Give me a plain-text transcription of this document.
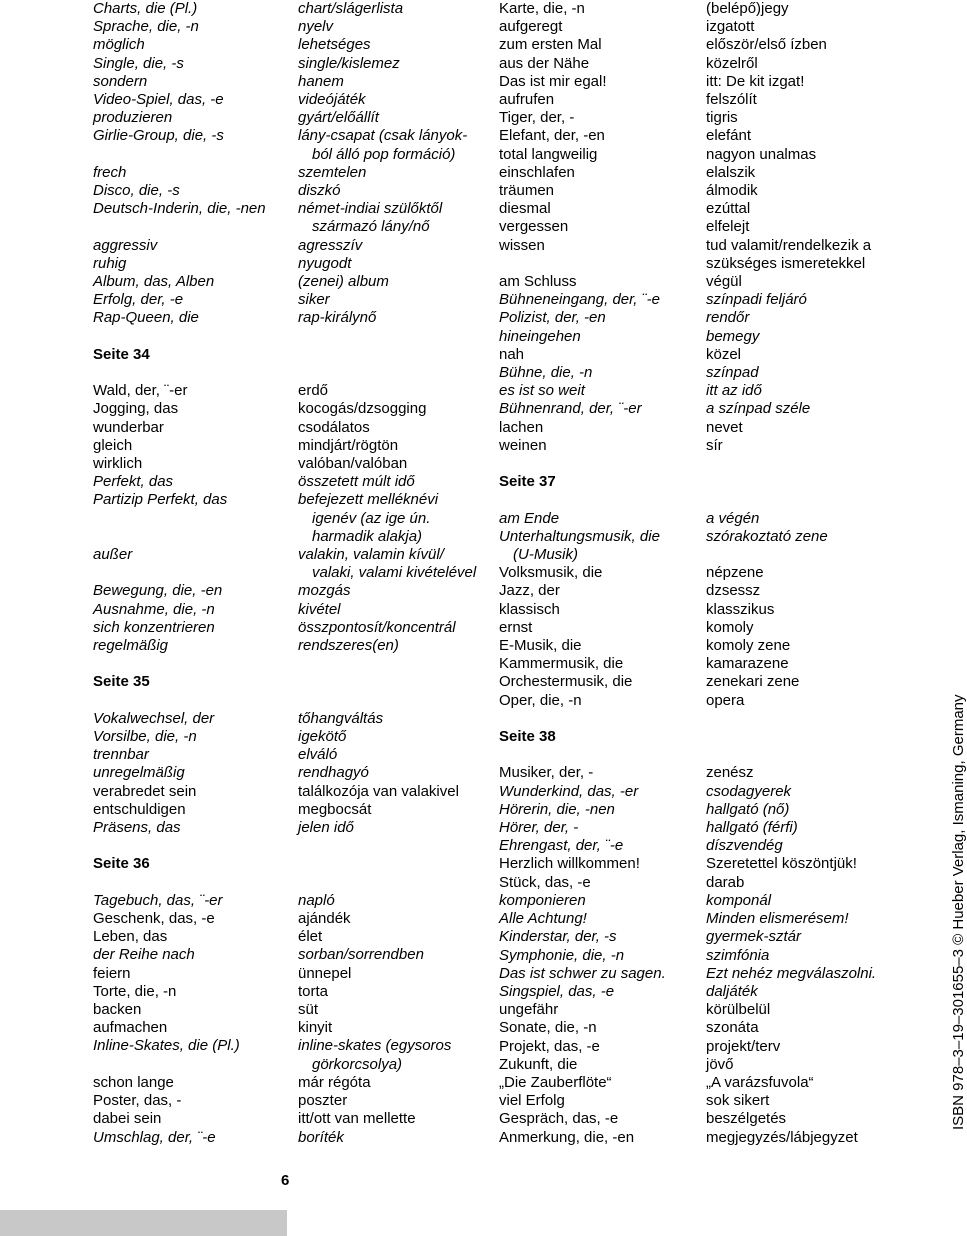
Charts, die (Pl.)	chart/slágerlista
Sprache, die, -n	nyelv
möglich	lehetséges
Single, die, -s	single/kislemez
sondern	hanem
Video-Spiel, das, -e	videójáték
produzieren	gyárt/előállít
Girlie-Group, die, -s	lány-csapat (csak lányok-
ból álló pop formáció)
frech	szemtelen
Disco, die, -s	diszkó
Deutsch-Inderin, die, -nen	német-indiai szülőktől
származó lány/nő
aggressiv	agresszív
ruhig	nyugodt
Album, das, Alben	(zenei) album
Erfolg, der, -e	siker
Rap-Queen, die	rap-királynő
Seite 34
Wald, der, ¨-er	erdő
Jogging, das	kocogás/dzsogging
wunderbar	csodálatos
gleich	mindjárt/rögtön
wirklich	valóban/valóban
Perfekt, das	összetett múlt idő
Partizip Perfekt, das	befejezett melléknévi
igenév (az ige ún.
harmadik alakja)
außer	valakin, valamin kívül/
valaki, valami kivételével
Bewegung, die, -en	mozgás
Ausnahme, die, -n	kivétel
sich konzentrieren	összpontosít/koncentrál
regelmäßig	rendszeres(en)
Seite 35
Vokalwechsel, der	tőhangváltás
Vorsilbe, die, -n	igekötő
trennbar	elváló
unregelmäßig	rendhagyó
verabredet sein	találkozója van valakivel
entschuldigen	megbocsát
Präsens, das	jelen idő
Seite 36
Tagebuch, das, ¨-er	napló
Geschenk, das, -e	ajándék
Leben, das	élet
der Reihe nach	sorban/sorrendben
feiern	ünnepel
Torte, die, -n	torta
backen	süt
aufmachen	kinyit
Inline-Skates, die (Pl.)	inline-skates (egysoros
görkorcsolya)
schon lange	már régóta
Poster, das, -	poszter
dabei sein	itt/ott van mellette
Umschlag, der, ¨-e	boríték
Karte, die, -n	(belépő)jegy
aufgeregt	izgatott
zum ersten Mal	először/első ízben
aus der Nähe	közelről
Das ist mir egal!	itt: De kit izgat!
aufrufen	felszólít
Tiger, der, -	tigris
Elefant, der, -en	elefánt
total langweilig	nagyon unalmas
einschlafen	elalszik
träumen	álmodik
diesmal	ezúttal
vergessen	elfelejt
wissen	tud valamit/rendelkezik a
szükséges ismeretekkel
am Schluss	végül
Bühneneingang, der, ¨-e	színpadi feljáró
Polizist, der, -en	rendőr
hineingehen	bemegy
nah	közel
Bühne, die, -n	színpad
es ist so weit	itt az idő
Bühnenrand, der, ¨-er	a színpad széle
lachen	nevet
weinen	sír
Seite 37
am Ende	a végén
Unterhaltungsmusik, die	szórakoztató zene
(U-Musik)
Volksmusik, die	népzene
Jazz, der	dzsessz
klassisch	klasszikus
ernst	komoly
E-Musik, die	komoly zene
Kammermusik, die	kamarazene
Orchestermusik, die	zenekari zene
Oper, die, -n	opera
Seite 38
Musiker, der, -	zenész
Wunderkind, das, -er	csodagyerek
Hörerin, die, -nen	hallgató (nő)
Hörer, der, -	hallgató (férfi)
Ehrengast, der, ¨-e	díszvendég
Herzlich willkommen!	Szeretettel köszöntjük!
Stück, das, -e	darab
komponieren	komponál
Alle Achtung!	Minden elismerésem!
Kinderstar, der, -s	gyermek-sztár
Symphonie, die, -n	szimfónia
Das ist schwer zu sagen.	Ezt nehéz megválaszolni.
Singspiel, das, -e	daljáték
ungefähr	körülbelül
Sonate, die, -n	szonáta
Projekt, das, -e	projekt/terv
Zukunft, die	jövő
„Die Zauberflöte“	„A varázsfuvola“
viel Erfolg	sok sikert
Gespräch, das, -e	beszélgetés
Anmerkung, die, -en	megjegyzés/lábjegyzet
6
ISBN 978–3–19–301655–3 © Hueber Verlag, Ismaning, Germany
